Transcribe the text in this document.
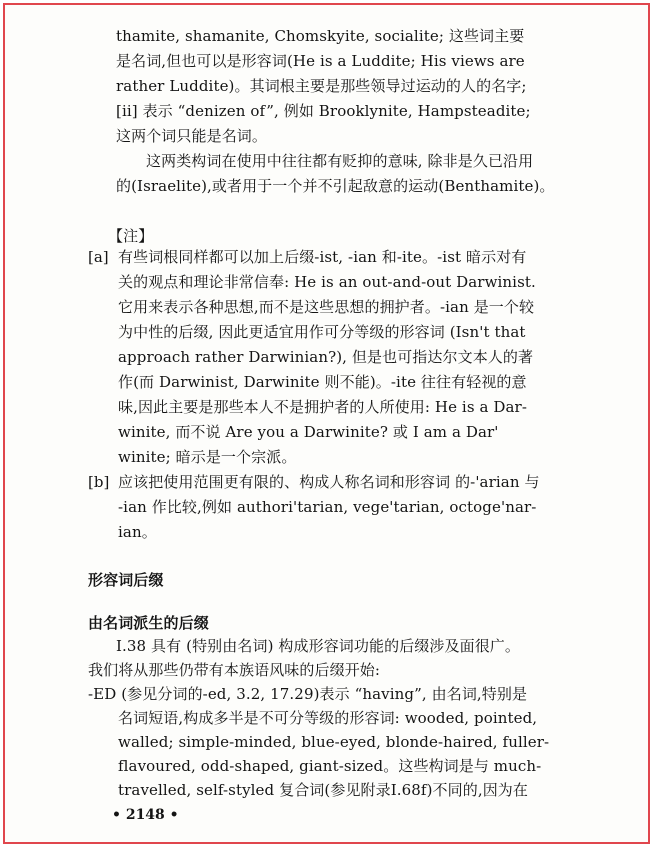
thamite, shamanite, Chomskyite, socialite; 这些词主要
是名词,但也可以是形容词(He is a Luddite; His views are
rather Luddite)。其词根主要是那些领导过运动的人的名字;
[ii] 表示 “denizen of”, 例如 Brooklynite, Hampsteadite;
这两个词只能是名词。
这两类构词在使用中往往都有贬抑的意味, 除非是久已沿用
的(Israelite),或者用于一个并不引起敌意的运动(Benthamite)。
【注】
[a] 有些词根同样都可以加上后缀-ist, -ian 和-ite。-ist 暗示对有
关的观点和理论非常信奉: He is an out-and-out Darwinist.
它用来表示各种思想,而不是这些思想的拥护者。-ian 是一个较
为中性的后缀, 因此更适宜用作可分等级的形容词 (Isn't that
approach rather Darwinian?), 但是也可指达尔文本人的著
作(而 Darwinist, Darwinite 则不能)。-ite 往往有轻视的意
味,因此主要是那些本人不是拥护者的人所使用: He is a Dar-
winite, 而不说 Are you a Darwinite? 或 I am a Dar'
winite; 暗示是一个宗派。
[b] 应该把使用范围更有限的、构成人称名词和形容词 的-'arian 与
-ian 作比较,例如 authori'tarian, vege'tarian, octoge'nar-
ian。
形容词后缀
由名词派生的后缀
Ⅰ.38 具有 (特别由名词) 构成形容词功能的后缀涉及面很广。
我们将从那些仍带有本族语风味的后缀开始:
-ED (参见分词的-ed, 3.2, 17.29)表示 “having”, 由名词,特别是
名词短语,构成多半是不可分等级的形容词: wooded, pointed,
walled; simple-minded, blue-eyed, blonde-haired, fuller-
flavoured, odd-shaped, giant-sized。这些构词是与 much-
travelled, self-styled 复合词(参见附录Ⅰ.68f)不同的,因为在
• 2148 •
